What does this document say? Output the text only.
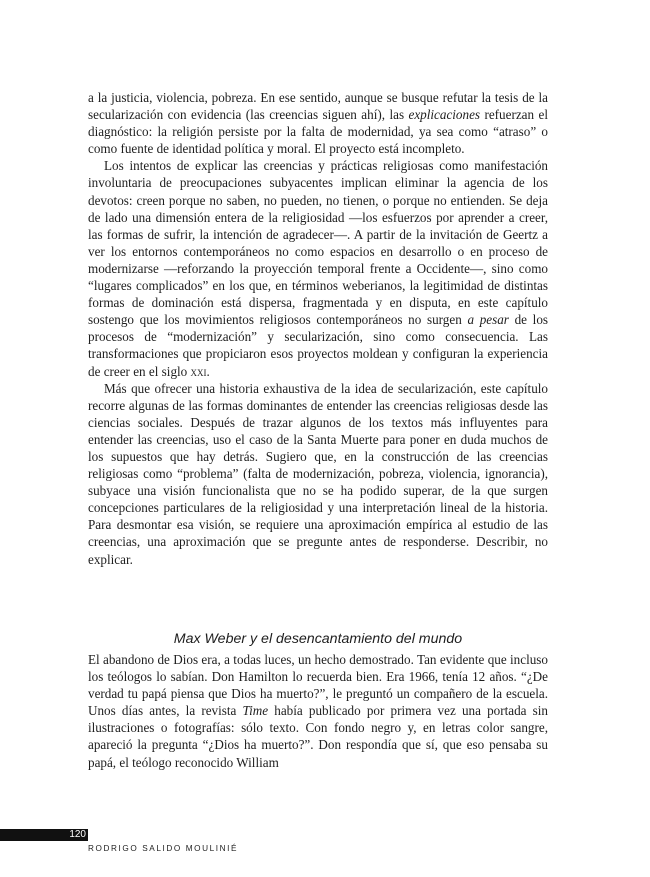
a la justicia, violencia, pobreza. En ese sentido, aunque se busque refutar la tesis de la secularización con evidencia (las creencias siguen ahí), las explicaciones refuerzan el diagnóstico: la religión persiste por la falta de modernidad, ya sea como “atraso” o como fuente de identidad política y moral. El proyecto está incompleto.

Los intentos de explicar las creencias y prácticas religiosas como manifestación involuntaria de preocupaciones subyacentes implican eliminar la agencia de los devotos: creen porque no saben, no pueden, no tienen, o porque no entienden. Se deja de lado una dimensión entera de la religiosidad —los esfuerzos por aprender a creer, las formas de sufrir, la intención de agradecer—. A partir de la invitación de Geertz a ver los entornos contemporáneos no como espacios en desarrollo o en proceso de modernizarse —reforzando la proyección temporal frente a Occidente—, sino como “lugares complicados” en los que, en términos weberianos, la legitimidad de distintas formas de dominación está dispersa, fragmentada y en disputa, en este capítulo sostengo que los movimientos religiosos contemporáneos no surgen a pesar de los procesos de “modernización” y secularización, sino como consecuencia. Las transformaciones que propiciaron esos proyectos moldean y configuran la experiencia de creer en el siglo xxi.

Más que ofrecer una historia exhaustiva de la idea de secularización, este capítulo recorre algunas de las formas dominantes de entender las creencias religiosas desde las ciencias sociales. Después de trazar algunos de los textos más influyentes para entender las creencias, uso el caso de la Santa Muerte para poner en duda muchos de los supuestos que hay detrás. Sugiero que, en la construcción de las creencias religiosas como “problema” (falta de modernización, pobreza, violencia, ignorancia), subyace una visión funcionalista que no se ha podido superar, de la que surgen concepciones particulares de la religiosidad y una interpretación lineal de la historia. Para desmontar esa visión, se requiere una aproximación empírica al estudio de las creencias, una aproximación que se pregunte antes de responderse. Describir, no explicar.

Max Weber y el desencantamiento del mundo

El abandono de Dios era, a todas luces, un hecho demostrado. Tan evidente que incluso los teólogos lo sabían. Don Hamilton lo recuerda bien. Era 1966, tenía 12 años. “¿De verdad tu papá piensa que Dios ha muerto?”, le preguntó un compañero de la escuela. Unos días antes, la revista Time había publicado por primera vez una portada sin ilustraciones o fotografías: sólo texto. Con fondo negro y, en letras color sangre, apareció la pregunta “¿Dios ha muerto?”. Don respondía que sí, que eso pensaba su papá, el teólogo reconocido William

120
RODRIGO SALIDO MOULINIÉ
